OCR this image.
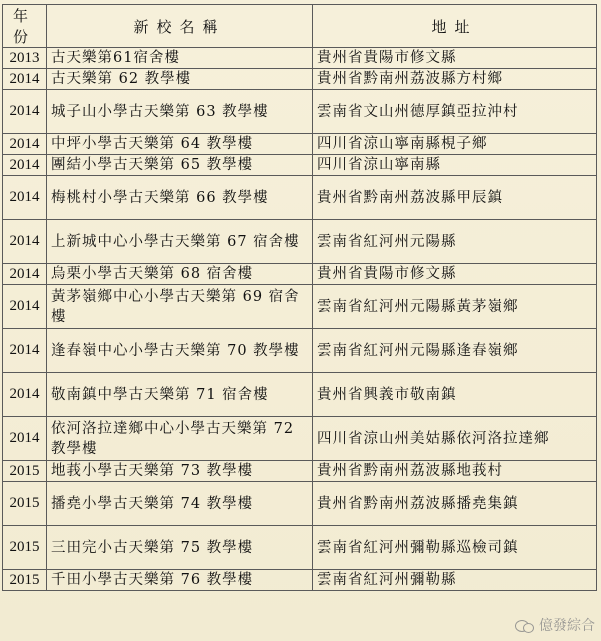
年份	新校名稱	地址
2013	古天樂第61宿舍樓	貴州省貴陽市修文縣
2014	古天樂第 62 教學樓	貴州省黔南州荔波縣方村鄉
2014	城子山小學古天樂第 63 教學樓	雲南省文山州德厚鎮亞拉沖村
2014	中坪小學古天樂第 64 教學樓	四川省涼山寧南縣梘子鄉
2014	團結小學古天樂第 65 教學樓	四川省涼山寧南縣
2014	梅桃村小學古天樂第 66 教學樓	貴州省黔南州荔波縣甲辰鎮
2014	上新城中心小學古天樂第 67 宿舍樓	雲南省紅河州元陽縣
2014	烏栗小學古天樂第 68 宿舍樓	貴州省貴陽市修文縣
2014	黃茅嶺鄉中心小學古天樂第 69 宿舍樓	雲南省紅河州元陽縣黃茅嶺鄉
2014	逢春嶺中心小學古天樂第 70 教學樓	雲南省紅河州元陽縣逢春嶺鄉
2014	敬南鎮中學古天樂第 71 宿舍樓	貴州省興義市敬南鎮
2014	依河洛拉達鄉中心小學古天樂第 72 教學樓	四川省涼山州美姑縣依河洛拉達鄉
2015	地莪小學古天樂第 73 教學樓	貴州省黔南州荔波縣地莪村
2015	播堯小學古天樂第 74 教學樓	貴州省黔南州荔波縣播堯集鎮
2015	三田完小古天樂第 75 教學樓	雲南省紅河州彌勒縣巡檢司鎮
2015	千田小學古天樂第 76 教學樓	雲南省紅河州彌勒縣
億發綜合
